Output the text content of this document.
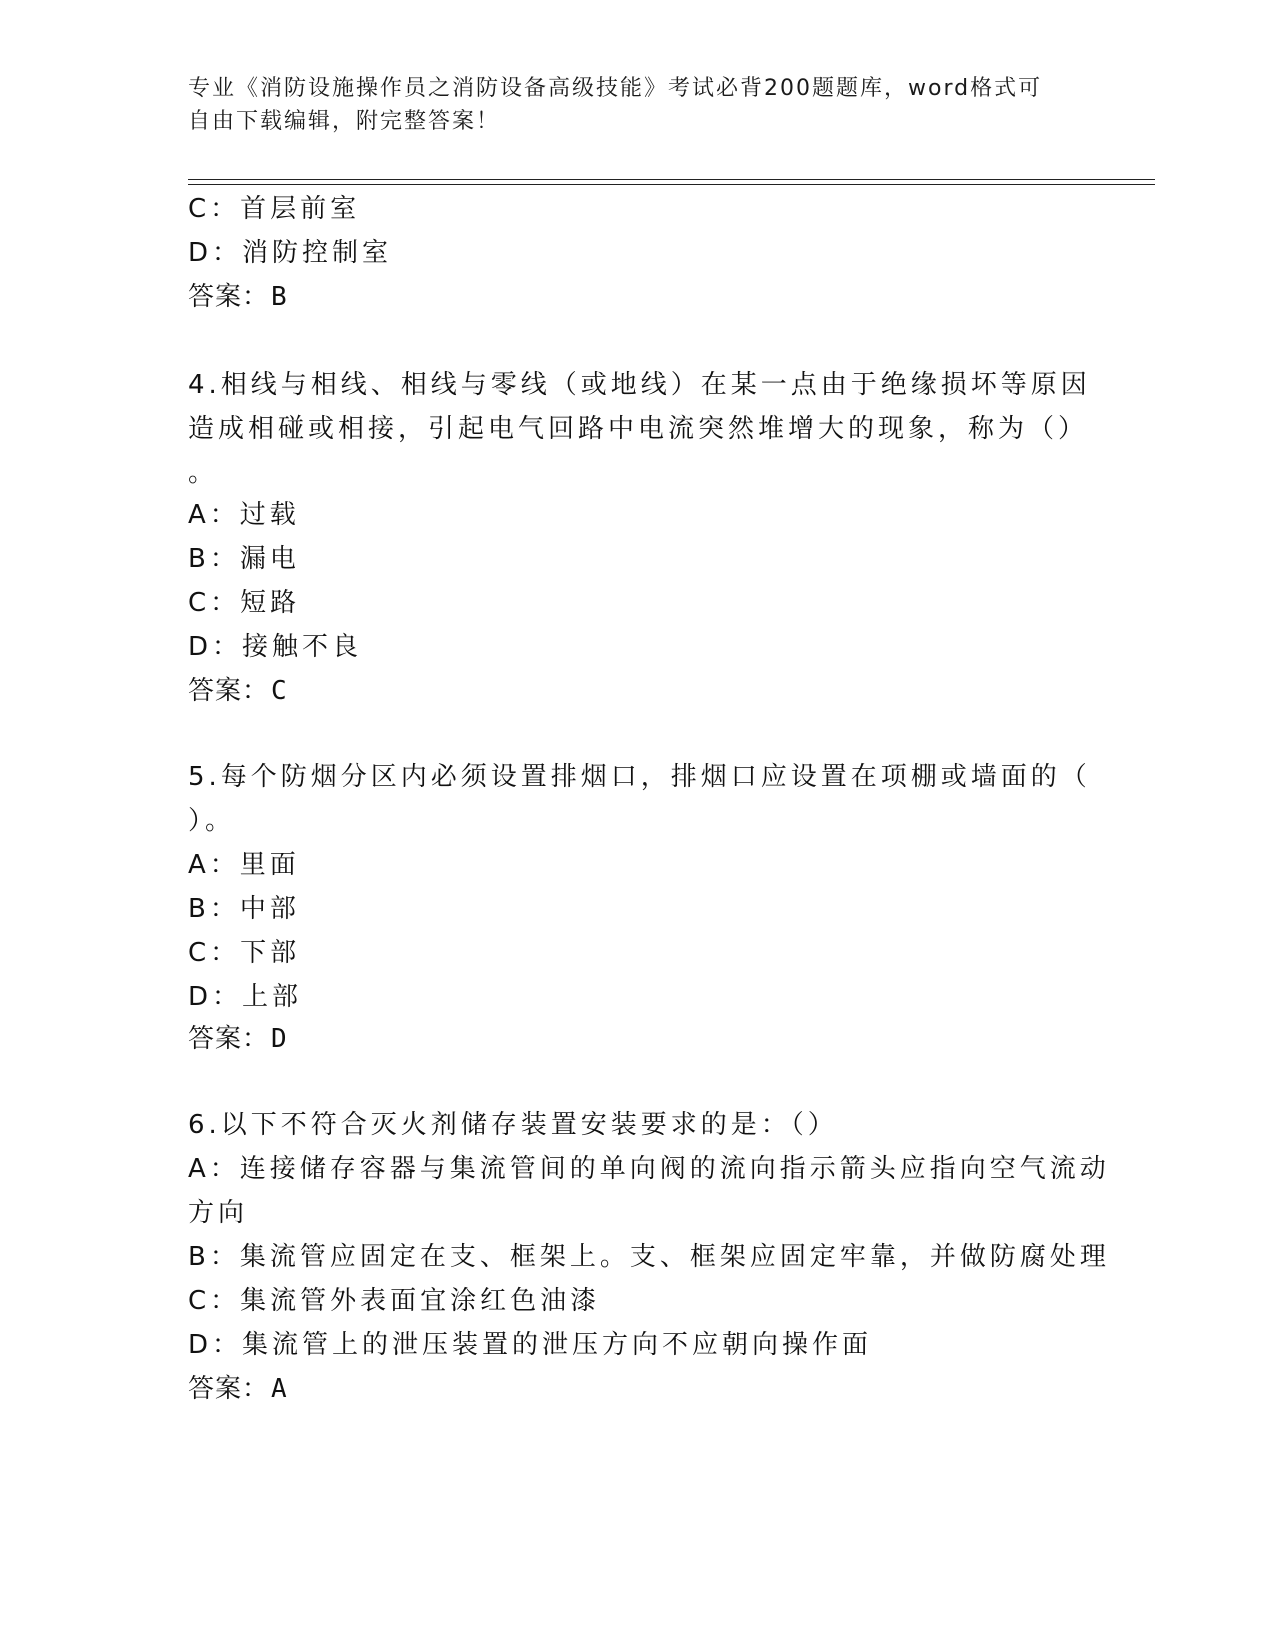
专业《消防设施操作员之消防设备高级技能》考试必背200题题库，word格式可
自由下载编辑，附完整答案！
C：首层前室
D：消防控制室
答案：B
4.相线与相线、相线与零线（或地线）在某一点由于绝缘损坏等原因
造成相碰或相接，引起电气回路中电流突然堆增大的现象，称为（）
。
A：过载
B：漏电
C：短路
D：接触不良
答案：C
5.每个防烟分区内必须设置排烟口，排烟口应设置在项棚或墙面的（
）。
A：里面
B：中部
C：下部
D：上部
答案：D
6.以下不符合灭火剂储存装置安装要求的是：（）
A：连接储存容器与集流管间的单向阀的流向指示箭头应指向空气流动
方向
B：集流管应固定在支、框架上。支、框架应固定牢靠，并做防腐处理
C：集流管外表面宜涂红色油漆
D：集流管上的泄压装置的泄压方向不应朝向操作面
答案：A
